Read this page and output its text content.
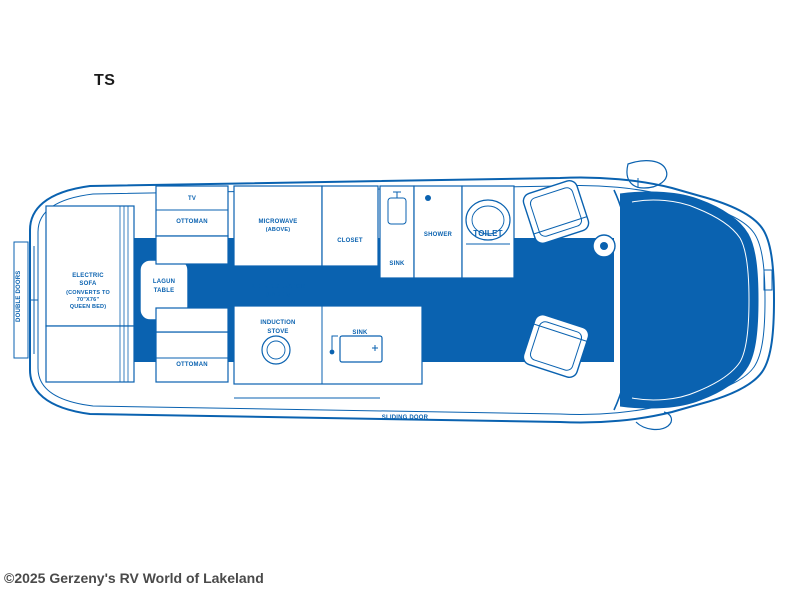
TS
DOUBLE DOORS
SLIDING DOOR
ELECTRIC
SOFA
(CONVERTS TO
70"X76"
QUEEN BED)
LAGUN
TABLE
TV
OTTOMAN
OTTOMAN
MICROWAVE
(ABOVE)
REFRIDGERATOR
(UNDER)
CLOSET
SINK
SHOWER	TOILET
INDUCTION
STOVE	SINK
©2025 Gerzeny's RV World of Lakeland
